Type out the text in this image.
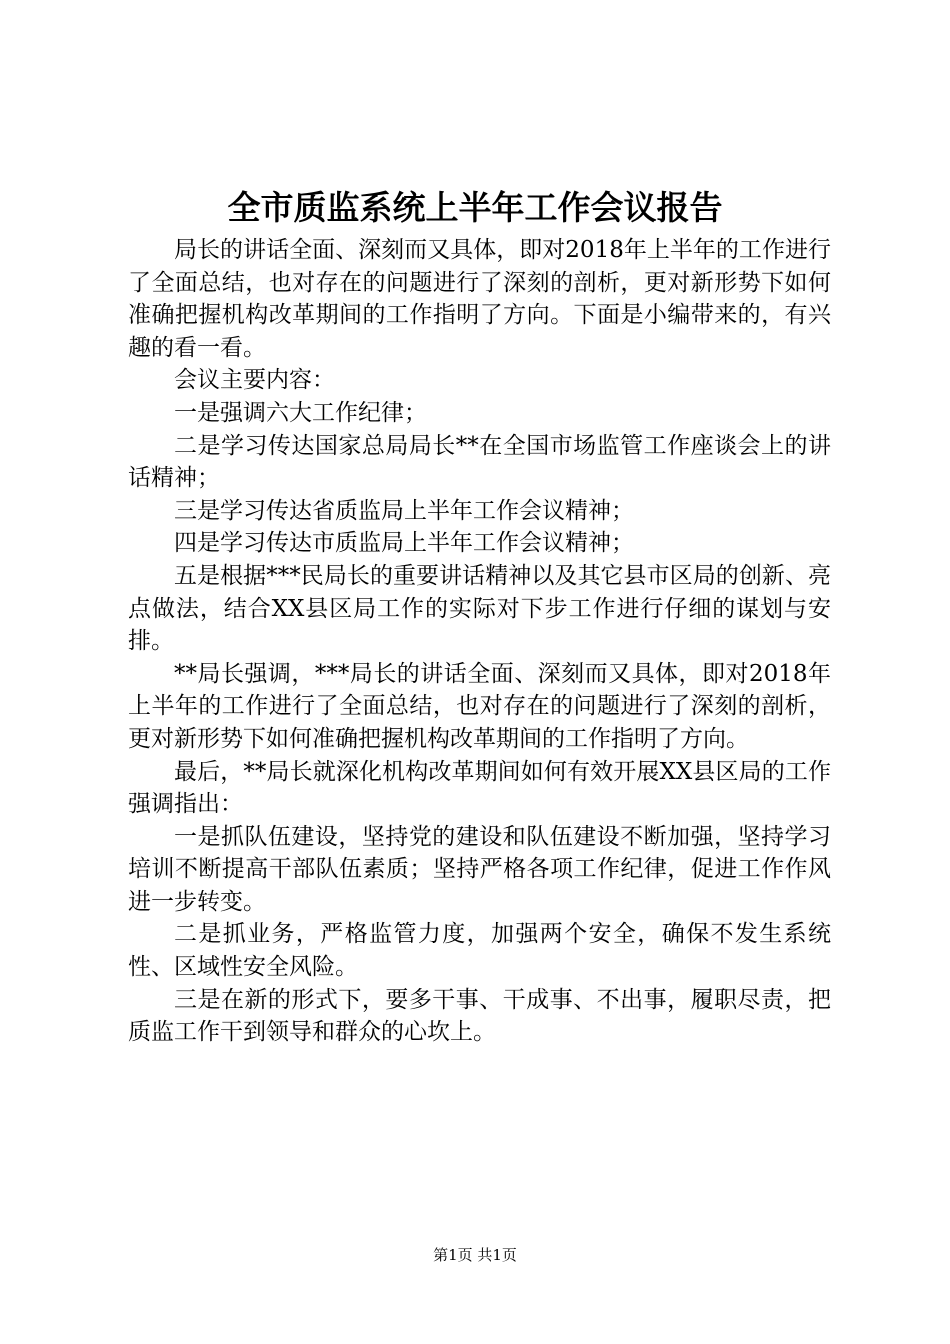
全市质监系统上半年工作会议报告

局长的讲话全面、深刻而又具体，即对2018年上半年的工作进行了全面总结，也对存在的问题进行了深刻的剖析，更对新形势下如何准确把握机构改革期间的工作指明了方向。下面是小编带来的，有兴趣的看一看。

会议主要内容：

一是强调六大工作纪律；

二是学习传达国家总局局长**在全国市场监管工作座谈会上的讲话精神；

三是学习传达省质监局上半年工作会议精神；

四是学习传达市质监局上半年工作会议精神；

五是根据***民局长的重要讲话精神以及其它县市区局的创新、亮点做法，结合XX县区局工作的实际对下步工作进行仔细的谋划与安排。

**局长强调，***局长的讲话全面、深刻而又具体，即对2018年上半年的工作进行了全面总结，也对存在的问题进行了深刻的剖析，更对新形势下如何准确把握机构改革期间的工作指明了方向。

最后，**局长就深化机构改革期间如何有效开展XX县区局的工作强调指出：

一是抓队伍建设，坚持党的建设和队伍建设不断加强，坚持学习培训不断提高干部队伍素质；坚持严格各项工作纪律，促进工作作风进一步转变。

二是抓业务，严格监管力度，加强两个安全，确保不发生系统性、区域性安全风险。

三是在新的形式下，要多干事、干成事、不出事，履职尽责，把质监工作干到领导和群众的心坎上。

第1页 共1页
